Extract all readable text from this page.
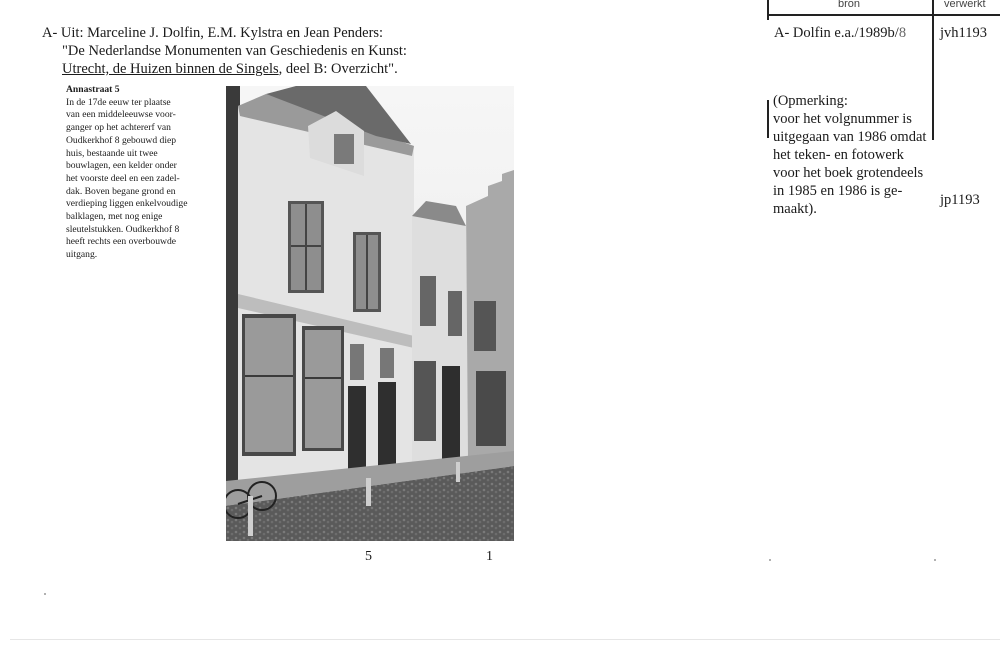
A- Uit: Marceline J. Dolfin, E.M. Kylstra en Jean Penders:
"De Nederlandse Monumenten van Geschiedenis en Kunst:
Utrecht, de Huizen binnen de Singels, deel B: Overzicht".
Annastraat 5
In de 17de eeuw ter plaatse
van een middeleeuwse voor-
ganger op het achtererf van
Oudkerkhof 8 gebouwd diep
huis, bestaande uit twee
bouwlagen, een kelder onder
het voorste deel en een zadel-
dak. Boven begane grond en
verdieping liggen enkelvoudige
balklagen, met nog enige
sleutelstukken. Oudkerkhof 8
heeft rechts een overbouwde
uitgang.
5	1
bron	verwerkt
A- Dolfin e.a./1989b/8 jvh1193
(Opmerking:
voor het volgnummer is
uitgegaan van 1986 omdat
het teken- en fotowerk
voor het boek grotendeels
in 1985 en 1986 is ge-
maakt).
jp1193
